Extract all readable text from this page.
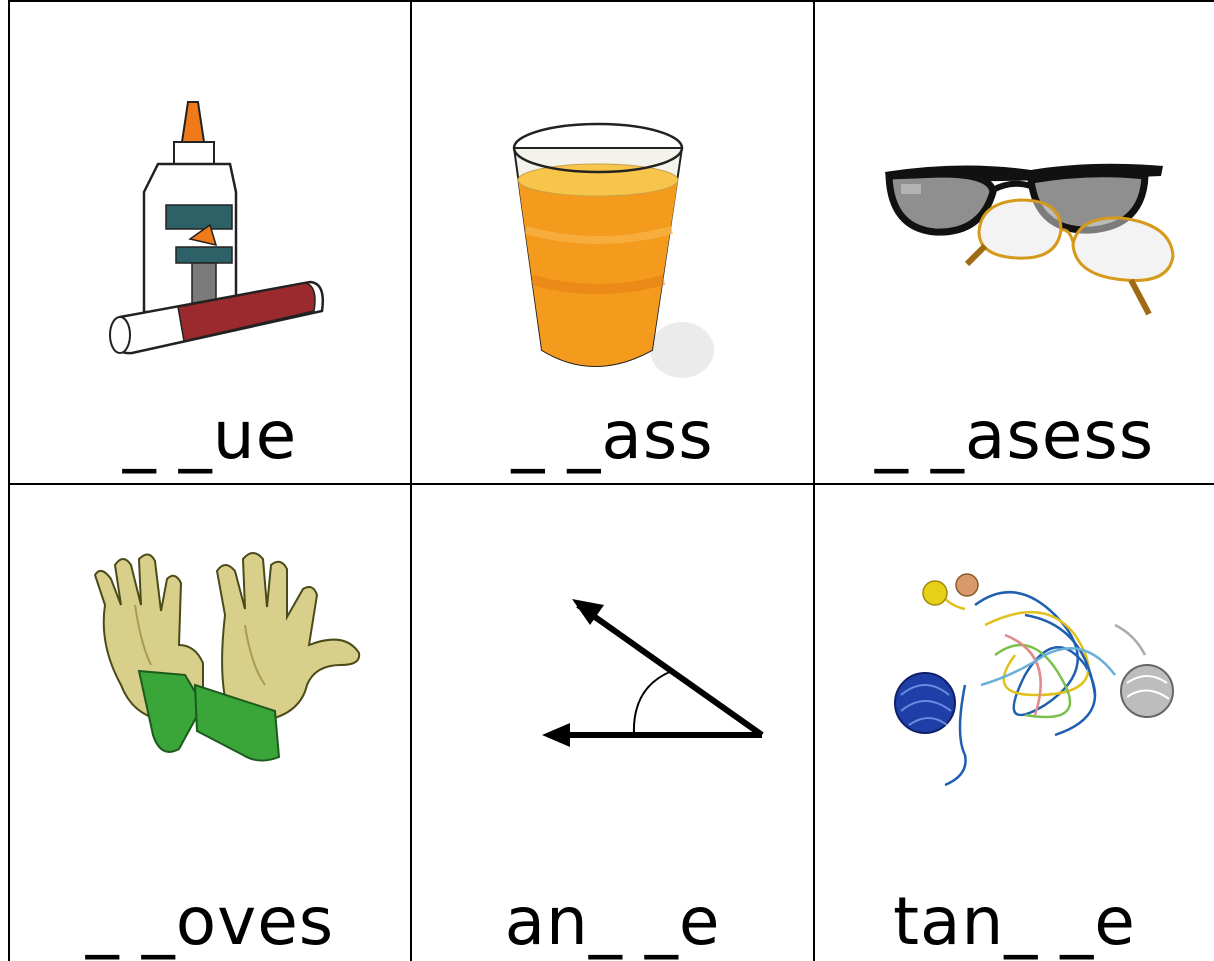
_ _ue	_ _ass	_ _asess
_ _oves	an_ _e	tan_ _e
